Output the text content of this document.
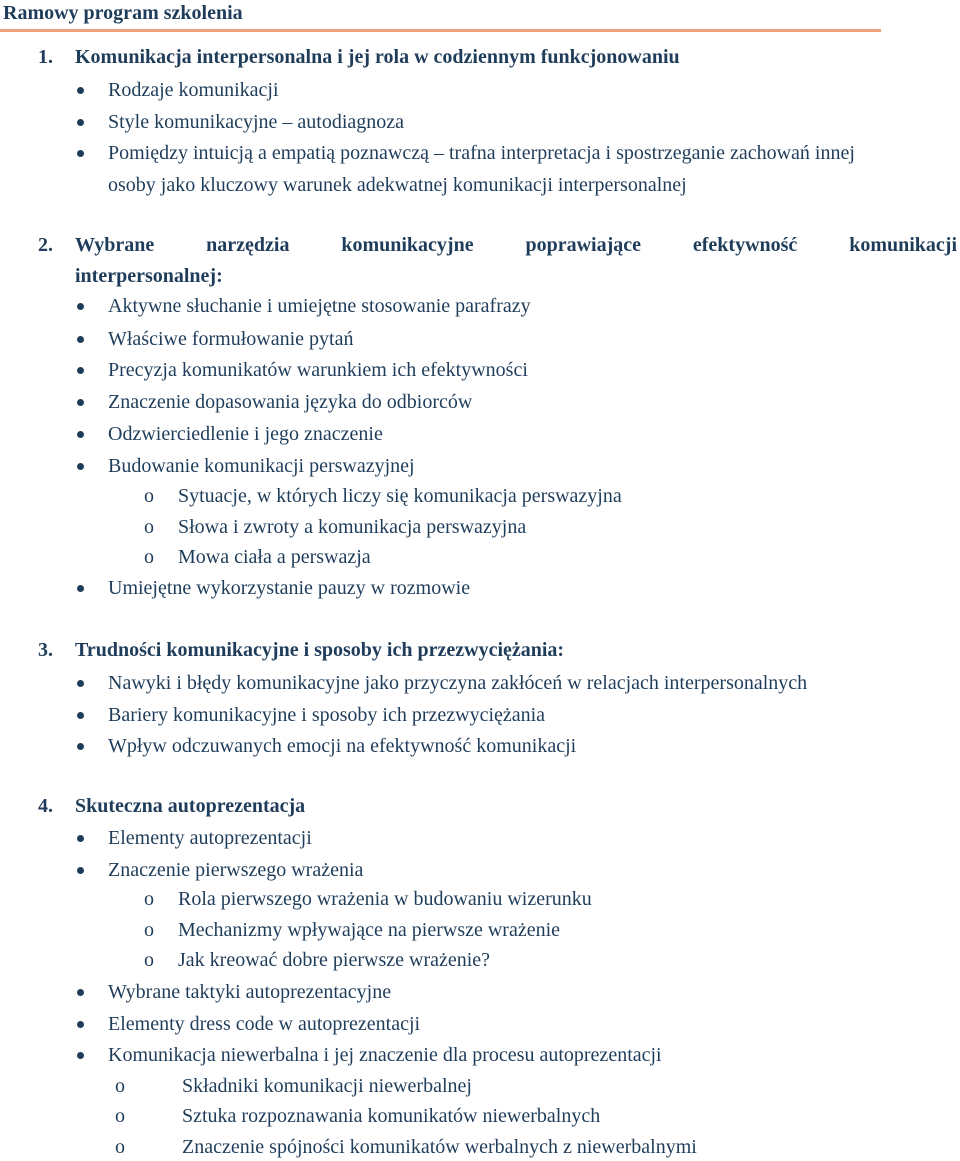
Ramowy program szkolenia
1. Komunikacja interpersonalna i jej rola w codziennym funkcjonowaniu
Rodzaje komunikacji
Style komunikacyjne – autodiagnoza
Pomiędzy intuicją a empatią poznawczą – trafna interpretacja i spostrzeganie zachowań innej
osoby jako kluczowy warunek adekwatnej komunikacji interpersonalnej
2. Wybrane narzędzia komunikacyjne poprawiające efektywność komunikacji
interpersonalnej:
Aktywne słuchanie i umiejętne stosowanie parafrazy
Właściwe formułowanie pytań
Precyzja komunikatów warunkiem ich efektywności
Znaczenie dopasowania języka do odbiorców
Odzwierciedlenie i jego znaczenie
Budowanie komunikacji perswazyjnej
o Sytuacje, w których liczy się komunikacja perswazyjna
o Słowa i zwroty a komunikacja perswazyjna
o Mowa ciała a perswazja
Umiejętne wykorzystanie pauzy w rozmowie
3. Trudności komunikacyjne i sposoby ich przezwyciężania:
Nawyki i błędy komunikacyjne jako przyczyna zakłóceń w relacjach interpersonalnych
Bariery komunikacyjne i sposoby ich przezwyciężania
Wpływ odczuwanych emocji na efektywność komunikacji
4. Skuteczna autoprezentacja
Elementy autoprezentacji
Znaczenie pierwszego wrażenia
o Rola pierwszego wrażenia w budowaniu wizerunku
o Mechanizmy wpływające na pierwsze wrażenie
o Jak kreować dobre pierwsze wrażenie?
Wybrane taktyki autoprezentacyjne
Elementy dress code w autoprezentacji
Komunikacja niewerbalna i jej znaczenie dla procesu autoprezentacji
o	Składniki komunikacji niewerbalnej
o	Sztuka rozpoznawania komunikatów niewerbalnych
o	Znaczenie spójności komunikatów werbalnych z niewerbalnymi
